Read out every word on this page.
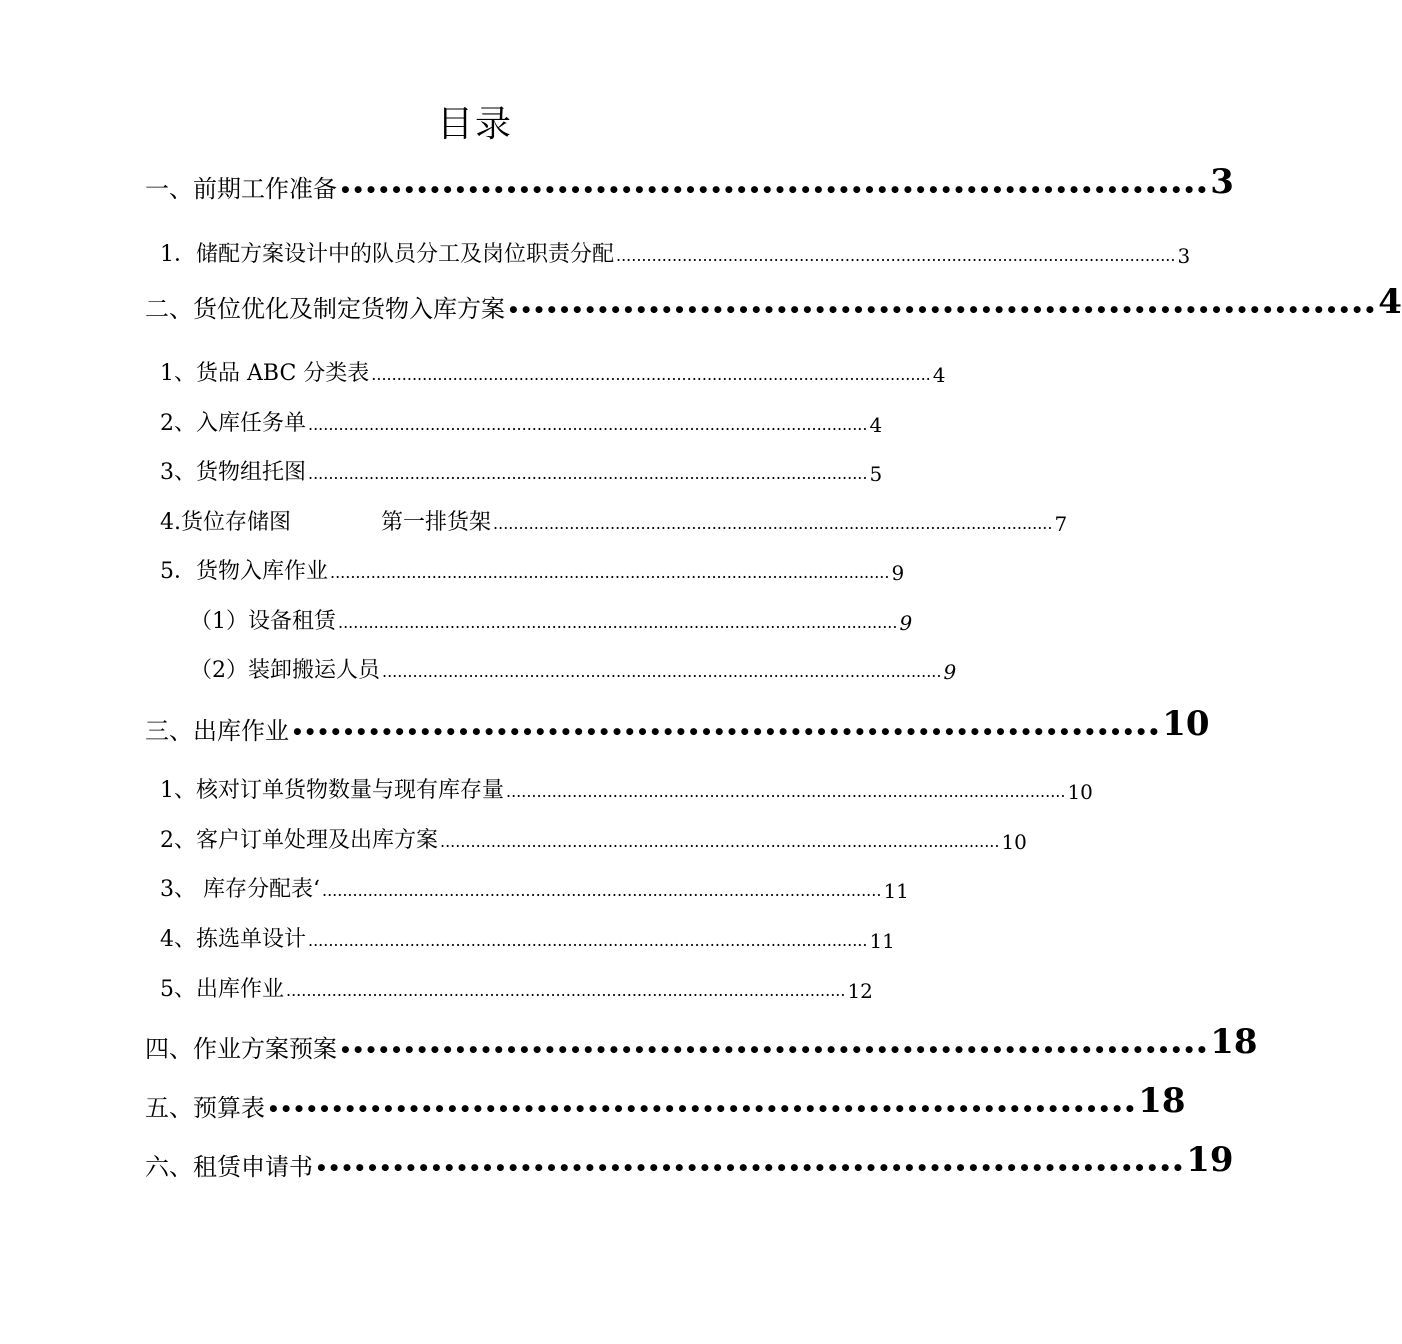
目录
一、前期工作准备 •••••••••••••••••••••••••••••••••••••••••••••••••••••••••••••••••••• 3
1．储配方案设计中的队员分工及岗位职责分配 .............................................................................................................. 3
二、货位优化及制定货物入库方案 •••••••••••••••••••••••••••••••••••••••••••••••••••••••••••••••••••• 4
1、货品 ABC 分类表 .............................................................................................................. 4
2、入库任务单 .............................................................................................................. 4
3、货物组托图 .............................................................................................................. 5
4.货位存储图	第一排货架 .............................................................................................................. 7
5．货物入库作业 .............................................................................................................. 9
（1）设备租赁 .............................................................................................................. 9
（2）装卸搬运人员 .............................................................................................................. 9
三、出库作业 •••••••••••••••••••••••••••••••••••••••••••••••••••••••••••••••••••• 10
1、核对订单货物数量与现有库存量 .............................................................................................................. 10
2、客户订单处理及出库方案 .............................................................................................................. 10
3、 库存分配表‘ .............................................................................................................. 11
4、拣选单设计 .............................................................................................................. 11
5、出库作业 .............................................................................................................. 12
四、作业方案预案 •••••••••••••••••••••••••••••••••••••••••••••••••••••••••••••••••••• 18
五、预算表 •••••••••••••••••••••••••••••••••••••••••••••••••••••••••••••••••••• 18
六、租赁申请书 •••••••••••••••••••••••••••••••••••••••••••••••••••••••••••••••••••• 19
